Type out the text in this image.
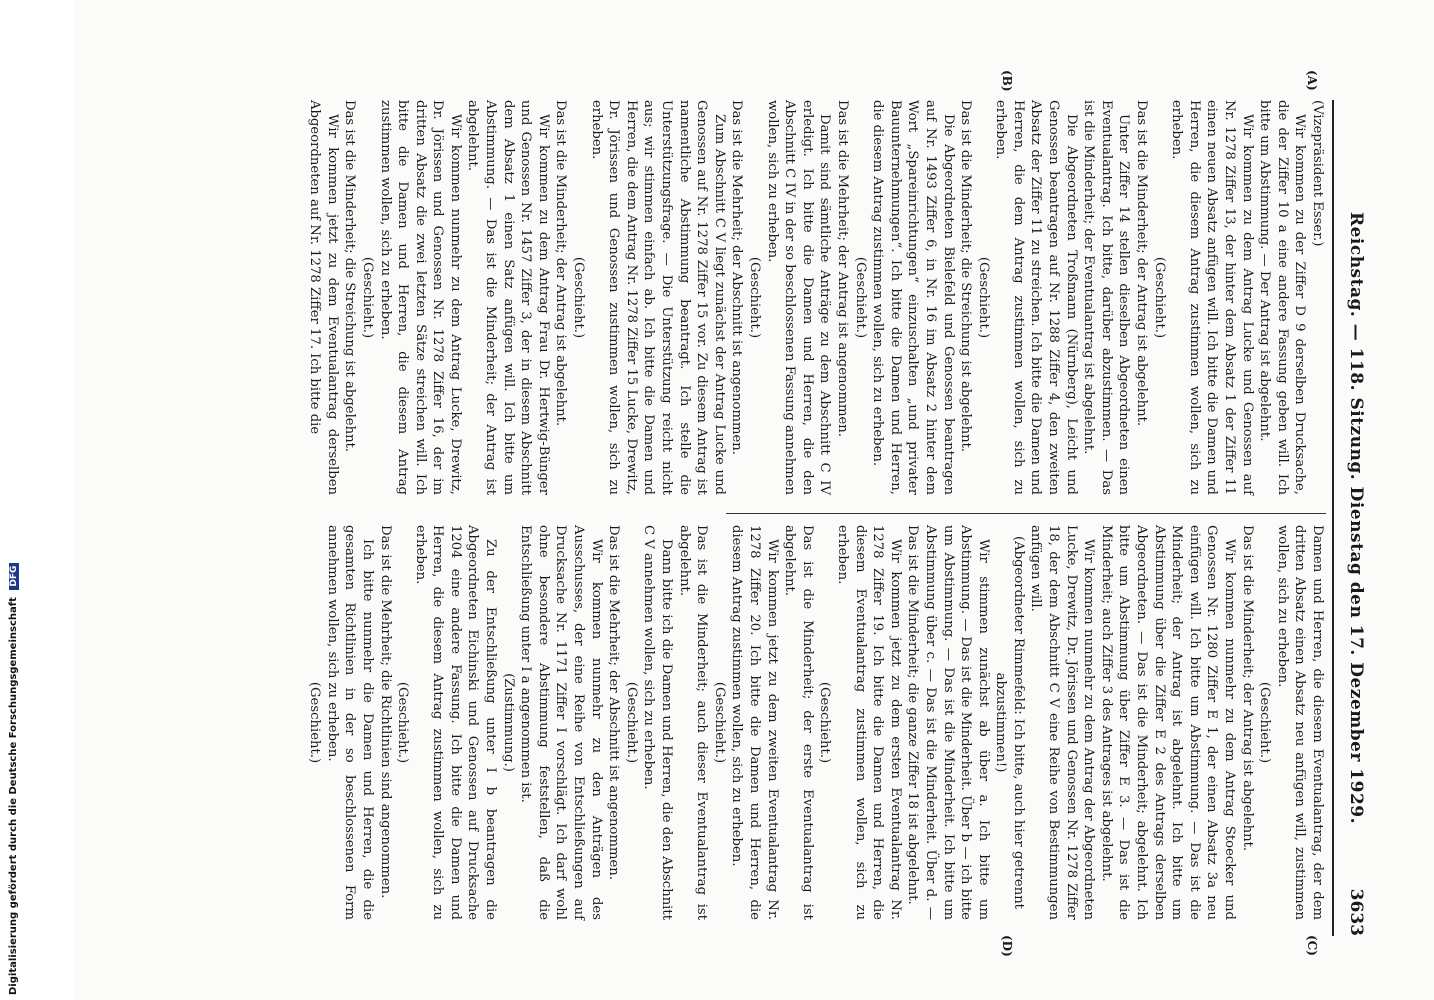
Reichstag. — 118. Sitzung. Dienstag den 17. Dezember 1929.
3633
(A)
(B)
(C)
(D)

(Vizepräsident Esser.)

Wir kommen zu der Ziffer D 9 derselben Drucksache, die der Ziffer 10 a eine andere Fassung geben will. Ich bitte um Abstimmung. — Der Antrag ist abgelehnt.

Wir kommen zu dem Antrag Lucke und Genossen auf Nr. 1278 Ziffer 13, der hinter dem Absatz 1 der Ziffer 11 einen neuen Absatz anfügen will. Ich bitte die Damen und Herren, die diesem Antrag zustimmen wollen, sich zu erheben.

(Geschieht.)

Das ist die Minderheit; der Antrag ist abgelehnt.

Unter Ziffer 14 stellen dieselben Abgeordneten einen Eventualantrag. Ich bitte, darüber abzustimmen. — Das ist die Minderheit; der Eventualantrag ist abgelehnt.

Die Abgeordneten Troßmann (Nürnberg), Leicht und Genossen beantragen auf Nr. 1288 Ziffer 4, den zweiten Absatz der Ziffer 11 zu streichen. Ich bitte die Damen und Herren, die dem Antrag zustimmen wollen, sich zu erheben.

(Geschieht.)

Das ist die Minderheit; die Streichung ist abgelehnt.

Die Abgeordneten Bielefeld und Genossen beantragen auf Nr. 1493 Ziffer 6, in Nr. 16 im Absatz 2 hinter dem Wort „Spareinrichtungen“ einzuschalten „und privater Bauunternehmungen“. Ich bitte die Damen und Herren, die diesem Antrag zustimmen wollen, sich zu erheben.

(Geschieht.)

Das ist die Mehrheit; der Antrag ist angenommen.

Damit sind sämtliche Anträge zu dem Abschnitt C IV erledigt. Ich bitte die Damen und Herren, die den Abschnitt C IV in der so beschlossenen Fassung annehmen wollen, sich zu erheben.

(Geschieht.)

Das ist die Mehrheit; der Abschnitt ist angenommen.

Zum Abschnitt C V liegt zunächst der Antrag Lucke und Genossen auf Nr. 1278 Ziffer 15 vor. Zu diesem Antrag ist namentliche Abstimmung beantragt. Ich stelle die Unterstützungsfrage. — Die Unterstützung reicht nicht aus; wir stimmen einfach ab. Ich bitte die Damen und Herren, die dem Antrag Nr. 1278 Ziffer 15 Lucke, Drewitz, Dr. Jörissen und Genossen zustimmen wollen, sich zu erheben.

(Geschieht.)

Das ist die Minderheit; der Antrag ist abgelehnt.

Wir kommen zu dem Antrag Frau Dr. Hertwig-Bünger und Genossen Nr. 1457 Ziffer 3, der in diesem Abschnitt dem Absatz 1 einen Satz anfügen will. Ich bitte um Abstimmung. — Das ist die Minderheit; der Antrag ist abgelehnt.

Wir kommen nunmehr zu dem Antrag Lucke, Drewitz, Dr. Jörissen und Genossen Nr. 1278 Ziffer 16, der im dritten Absatz die zwei letzten Sätze streichen will. Ich bitte die Damen und Herren, die diesem Antrag zustimmen wollen, sich zu erheben.

(Geschieht.)

Das ist die Minderheit; die Streichung ist abgelehnt.

Wir kommen jetzt zu dem Eventualantrag derselben Abgeordneten auf Nr. 1278 Ziffer 17. Ich bitte die

Damen und Herren, die diesem Eventualantrag, der dem dritten Absatz einen Absatz neu anfügen will, zustimmen wollen, sich zu erheben.

(Geschieht.)

Das ist die Minderheit; der Antrag ist abgelehnt.

Wir kommen nunmehr zu dem Antrag Stoecker und Genossen Nr. 1280 Ziffer E 1, der einen Absatz 3a neu einfügen will. Ich bitte um Abstimmung. — Das ist die Minderheit; der Antrag ist abgelehnt. Ich bitte um Abstimmung über die Ziffer E 2 des Antrags derselben Abgeordneten. — Das ist die Minderheit; abgelehnt. Ich bitte um Abstimmung über Ziffer E 3. — Das ist die Minderheit; auch Ziffer 3 des Antrages ist abgelehnt.

Wir kommen nunmehr zu dem Antrag der Abgeordneten Lucke, Drewitz, Dr. Jörissen und Genossen Nr. 1278 Ziffer 18, der dem Abschnitt C V eine Reihe von Bestimmungen anfügen will.

(Abgeordneter Rimmefeld: Ich bitte, auch hier getrennt abzustimmen!)

Wir stimmen zunächst ab über a. Ich bitte um Abstimmung. — Das ist die Minderheit. Über b — ich bitte um Abstimmung. — Das ist die Minderheit. Ich bitte um Abstimmung über c. — Das ist die Minderheit. Über d. — Das ist die Minderheit; die ganze Ziffer 18 ist abgelehnt.

Wir kommen jetzt zu dem ersten Eventualantrag Nr. 1278 Ziffer 19. Ich bitte die Damen und Herren, die diesem Eventualantrag zustimmen wollen, sich zu erheben.

(Geschieht.)

Das ist die Minderheit; der erste Eventualantrag ist abgelehnt.

Wir kommen jetzt zu dem zweiten Eventualantrag Nr. 1278 Ziffer 20. Ich bitte die Damen und Herren, die diesem Antrag zustimmen wollen, sich zu erheben.

(Geschieht.)

Das ist die Minderheit; auch dieser Eventualantrag ist abgelehnt.

Dann bitte ich die Damen und Herren, die den Abschnitt C V annehmen wollen, sich zu erheben.

(Geschieht.)

Das ist die Mehrheit; der Abschnitt ist angenommen.

Wir kommen nunmehr zu den Anträgen des Ausschusses, der eine Reihe von Entschließungen auf Drucksache Nr. 1171 Ziffer I vorschlägt. Ich darf wohl ohne besondere Abstimmung feststellen, daß die Entschließung unter I a angenommen ist.

(Zustimmung.)

Zu der Entschließung unter I b beantragen die Abgeordneten Eichinski und Genossen auf Drucksache 1204 eine andere Fassung. Ich bitte die Damen und Herren, die diesem Antrag zustimmen wollen, sich zu erheben.

(Geschieht.)

Das ist die Mehrheit; die Richtlinien sind angenommen.

Ich bitte nunmehr die Damen und Herren, die die gesamten Richtlinien in der so beschlossenen Form annehmen wollen, sich zu erheben.

(Geschieht.)

Digitalisierung gefördert durch die Deutsche Forschungsgemeinschaft DFG
